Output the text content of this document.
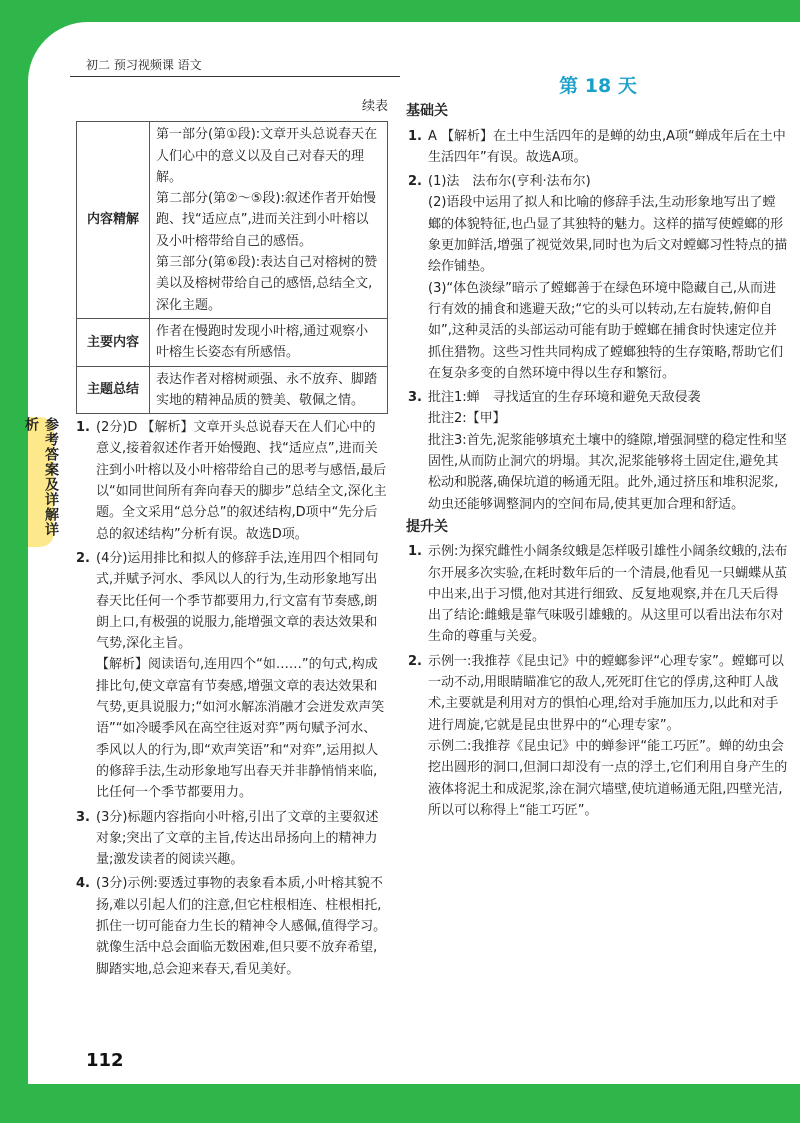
参考答案及详解详析
初二 预习视频课 语文
续表
内容精解	第一部分(第①段):文章开头总说春天在人们心中的意义以及自己对春天的理解。
第二部分(第②～⑤段):叙述作者开始慢跑、找“适应点”,进而关注到小叶榕以及小叶榕带给自己的感悟。
第三部分(第⑥段):表达自己对榕树的赞美以及榕树带给自己的感悟,总结全文,深化主题。

主要内容	作者在慢跑时发现小叶榕,通过观察小叶榕生长姿态有所感悟。

主题总结	表达作者对榕树顽强、永不放弃、脚踏实地的精神品质的赞美、敬佩之情。
1. (2分)D 【解析】文章开头总说春天在人们心中的意义,接着叙述作者开始慢跑、找“适应点”,进而关注到小叶榕以及小叶榕带给自己的思考与感悟,最后以“如同世间所有奔向春天的脚步”总结全文,深化主题。全文采用“总分总”的叙述结构,D项中“先分后总的叙述结构”分析有误。故选D项。
2. (4分)运用排比和拟人的修辞手法,连用四个相同句式,并赋予河水、季风以人的行为,生动形象地写出春天比任何一个季节都要用力,行文富有节奏感,朗朗上口,有极强的说服力,能增强文章的表达效果和气势,深化主旨。
【解析】阅读语句,连用四个“如……”的句式,构成排比句,使文章富有节奏感,增强文章的表达效果和气势,更具说服力;“如河水解冻消融才会迸发欢声笑语”“如冷暖季风在高空往返对弈”两句赋予河水、季风以人的行为,即“欢声笑语”和“对弈”,运用拟人的修辞手法,生动形象地写出春天并非静悄悄来临,比任何一个季节都要用力。
3. (3分)标题内容指向小叶榕,引出了文章的主要叙述对象;突出了文章的主旨,传达出昂扬向上的精神力量;激发读者的阅读兴趣。
4. (3分)示例:要透过事物的表象看本质,小叶榕其貌不扬,难以引起人们的注意,但它柱根相连、柱根相托,抓住一切可能奋力生长的精神令人感佩,值得学习。就像生活中总会面临无数困难,但只要不放弃希望,脚踏实地,总会迎来春天,看见美好。
第 18 天
基础关
1. A 【解析】在土中生活四年的是蝉的幼虫,A项“蝉成年后在土中生活四年”有误。故选A项。
2. (1)法　法布尔(亨利·法布尔)
(2)语段中运用了拟人和比喻的修辞手法,生动形象地写出了螳螂的体貌特征,也凸显了其独特的魅力。这样的描写使螳螂的形象更加鲜活,增强了视觉效果,同时也为后文对螳螂习性特点的描绘作铺垫。
(3)“体色淡绿”暗示了螳螂善于在绿色环境中隐藏自己,从而进行有效的捕食和逃避天敌;“它的头可以转动,左右旋转,俯仰自如”,这种灵活的头部运动可能有助于螳螂在捕食时快速定位并抓住猎物。这些习性共同构成了螳螂独特的生存策略,帮助它们在复杂多变的自然环境中得以生存和繁衍。
3. 批注1:蝉　寻找适宜的生存环境和避免天敌侵袭
批注2:【甲】
批注3:首先,泥浆能够填充土壤中的缝隙,增强洞壁的稳定性和坚固性,从而防止洞穴的坍塌。其次,泥浆能够将土固定住,避免其松动和脱落,确保坑道的畅通无阻。此外,通过挤压和堆积泥浆,幼虫还能够调整洞内的空间布局,使其更加合理和舒适。
提升关
1. 示例:为探究雌性小阔条纹蛾是怎样吸引雄性小阔条纹蛾的,法布尔开展多次实验,在耗时数年后的一个清晨,他看见一只蝴蝶从茧中出来,出于习惯,他对其进行细致、反复地观察,并在几天后得出了结论:雌蛾是靠气味吸引雄蛾的。从这里可以看出法布尔对生命的尊重与关爱。
2. 示例一:我推荐《昆虫记》中的螳螂参评“心理专家”。螳螂可以一动不动,用眼睛瞄准它的敌人,死死盯住它的俘虏,这种盯人战术,主要就是利用对方的惧怕心理,给对手施加压力,以此和对手进行周旋,它就是昆虫世界中的“心理专家”。
示例二:我推荐《昆虫记》中的蝉参评“能工巧匠”。蝉的幼虫会挖出圆形的洞口,但洞口却没有一点的浮土,它们利用自身产生的液体将泥土和成泥浆,涂在洞穴墙壁,使坑道畅通无阻,四壁光洁,所以可以称得上“能工巧匠”。
112
